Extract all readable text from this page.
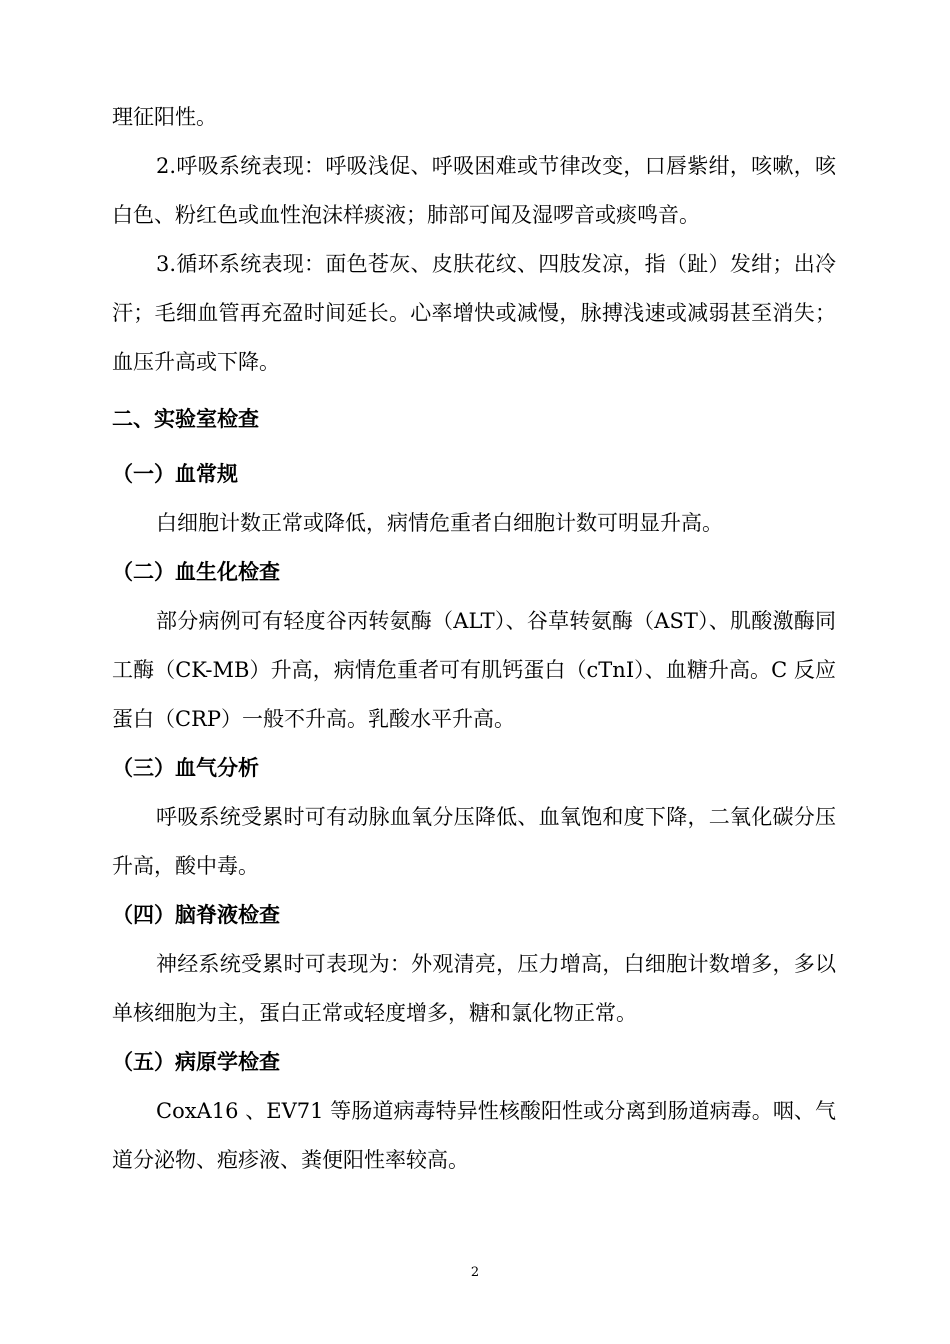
理征阳性。

2.呼吸系统表现：呼吸浅促、呼吸困难或节律改变，口唇紫绀，咳嗽，咳白色、粉红色或血性泡沫样痰液；肺部可闻及湿啰音或痰鸣音。

3.循环系统表现：面色苍灰、皮肤花纹、四肢发凉，指（趾）发绀；出冷汗；毛细血管再充盈时间延长。心率增快或减慢，脉搏浅速或减弱甚至消失；血压升高或下降。

二、实验室检查
（一）血常规

白细胞计数正常或降低，病情危重者白细胞计数可明显升高。

（二）血生化检查

部分病例可有轻度谷丙转氨酶（ALT）、谷草转氨酶（AST）、肌酸激酶同工酶（CK-MB）升高，病情危重者可有肌钙蛋白（cTnI）、血糖升高。C 反应蛋白（CRP）一般不升高。乳酸水平升高。

（三）血气分析

呼吸系统受累时可有动脉血氧分压降低、血氧饱和度下降，二氧化碳分压升高，酸中毒。

（四）脑脊液检查

神经系统受累时可表现为：外观清亮，压力增高，白细胞计数增多，多以单核细胞为主，蛋白正常或轻度增多，糖和氯化物正常。

（五）病原学检查

CoxA16 、EV71 等肠道病毒特异性核酸阳性或分离到肠道病毒。咽、气道分泌物、疱疹液、粪便阳性率较高。

2
